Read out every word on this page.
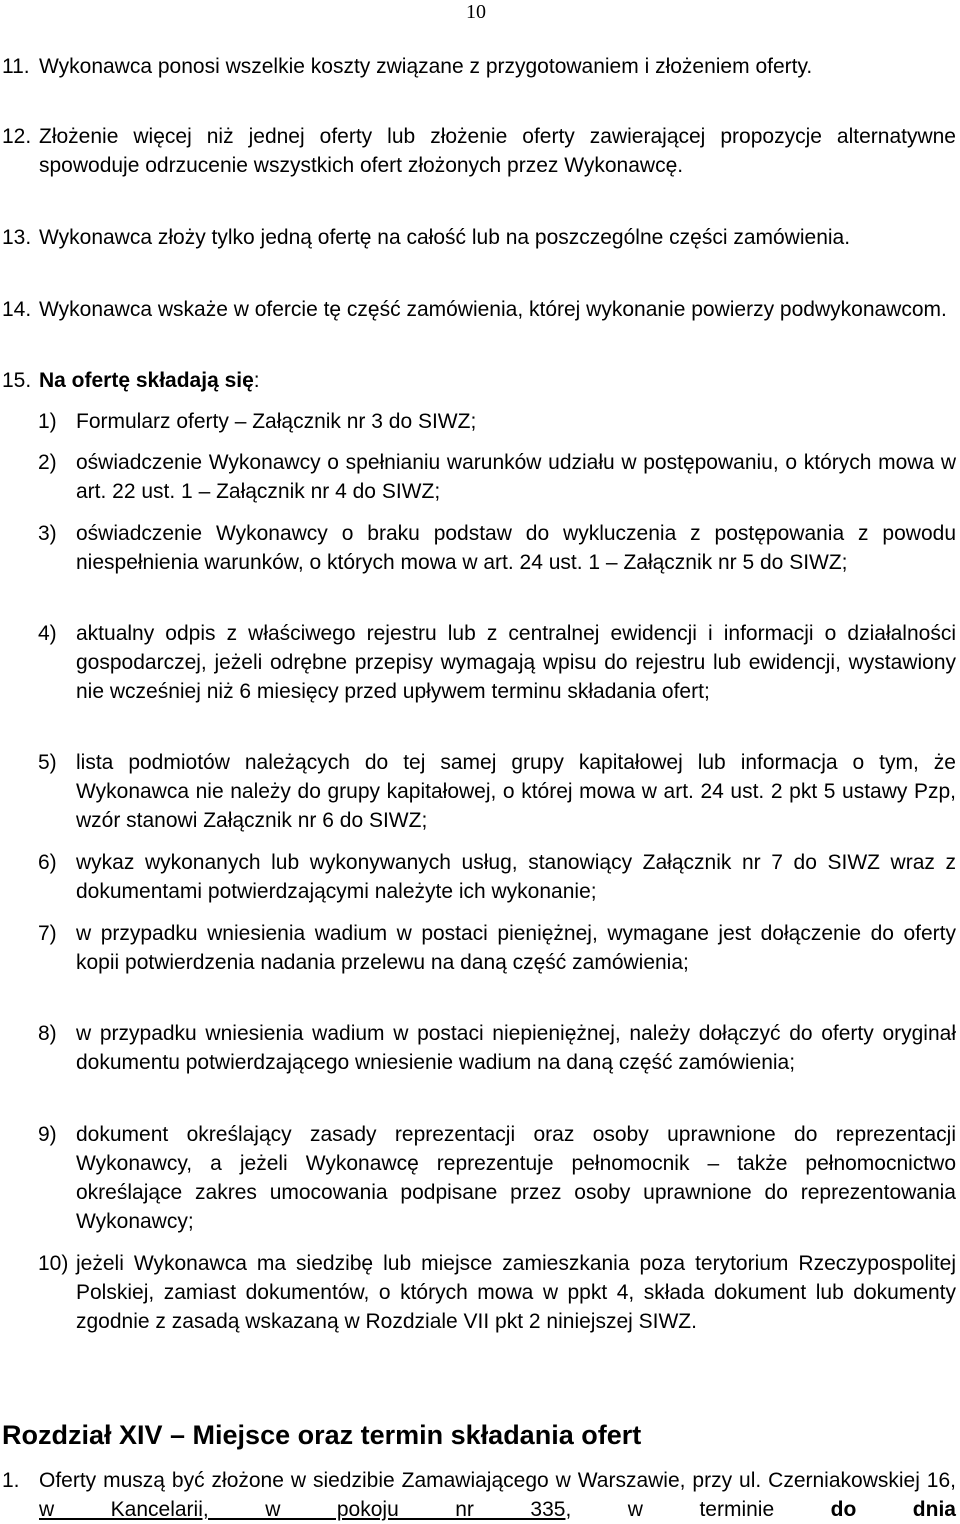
10
11. Wykonawca ponosi wszelkie koszty związane z przygotowaniem i złożeniem oferty.
12. Złożenie więcej niż jednej oferty lub złożenie oferty zawierającej propozycje alternatywne spowoduje odrzucenie wszystkich ofert złożonych przez Wykonawcę.
13. Wykonawca złoży tylko jedną ofertę na całość lub na poszczególne części zamówienia.
14. Wykonawca wskaże w ofercie tę część zamówienia, której wykonanie powierzy podwykonawcom.
15. Na ofertę składają się:
1) Formularz oferty – Załącznik nr 3 do SIWZ;
2) oświadczenie Wykonawcy o spełnianiu warunków udziału w postępowaniu, o których mowa w art. 22 ust. 1 – Załącznik nr 4 do SIWZ;
3) oświadczenie Wykonawcy o braku podstaw do wykluczenia z postępowania z powodu niespełnienia warunków, o których mowa w art. 24 ust. 1 – Załącznik nr 5 do SIWZ;
4) aktualny odpis z właściwego rejestru lub z centralnej ewidencji i informacji o działalności gospodarczej, jeżeli odrębne przepisy wymagają wpisu do rejestru lub ewidencji, wystawiony nie wcześniej niż 6 miesięcy przed upływem terminu składania ofert;
5) lista podmiotów należących do tej samej grupy kapitałowej lub informacja o tym, że Wykonawca nie należy do grupy kapitałowej, o której mowa w art. 24 ust. 2 pkt 5 ustawy Pzp, wzór stanowi Załącznik nr 6 do SIWZ;
6) wykaz wykonanych lub wykonywanych usług, stanowiący Załącznik nr 7 do SIWZ wraz z dokumentami potwierdzającymi należyte ich wykonanie;
7) w przypadku wniesienia wadium w postaci pieniężnej, wymagane jest dołączenie do oferty kopii potwierdzenia nadania przelewu na daną część zamówienia;
8) w przypadku wniesienia wadium w postaci niepieniężnej, należy dołączyć do oferty oryginał dokumentu potwierdzającego wniesienie wadium na daną część zamówienia;
9) dokument określający zasady reprezentacji oraz osoby uprawnione do reprezentacji Wykonawcy, a jeżeli Wykonawcę reprezentuje pełnomocnik – także pełnomocnictwo określające zakres umocowania podpisane przez osoby uprawnione do reprezentowania Wykonawcy;
10) jeżeli Wykonawca ma siedzibę lub miejsce zamieszkania poza terytorium Rzeczypospolitej Polskiej, zamiast dokumentów, o których mowa w ppkt 4, składa dokument lub dokumenty zgodnie z zasadą wskazaną w Rozdziale VII pkt 2 niniejszej SIWZ.
Rozdział XIV – Miejsce oraz termin składania ofert
1. Oferty muszą być złożone w siedzibie Zamawiającego w Warszawie, przy ul. Czerniakowskiej 16, w Kancelarii, w pokoju nr 335, w terminie do dnia
